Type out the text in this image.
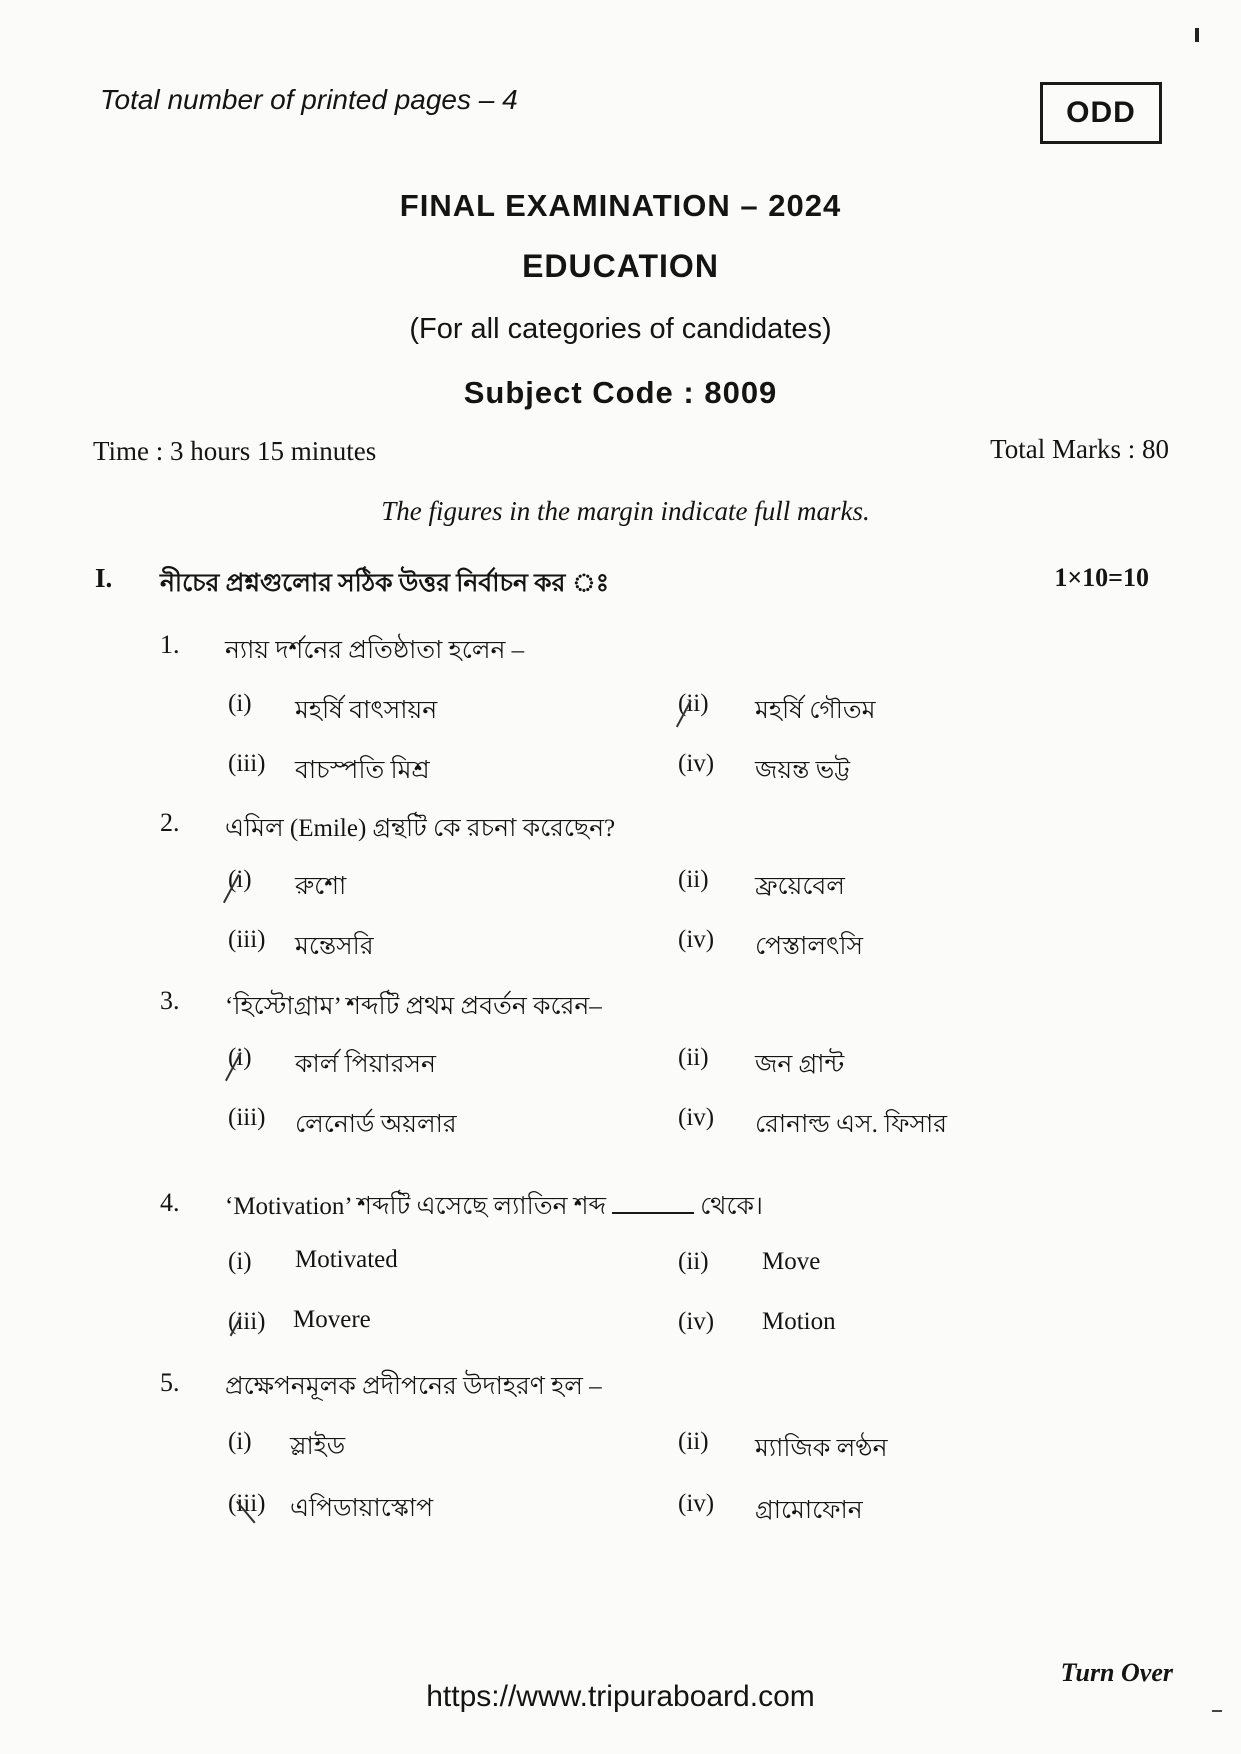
Total number of printed pages – 4	ODD
FINAL EXAMINATION – 2024
EDUCATION
(For all categories of candidates)
Subject Code : 8009
Time : 3 hours 15 minutes	Total Marks : 80
The figures in the margin indicate full marks.
I. নীচের প্রশ্নগুলোর সঠিক উত্তর নির্বাচন কর ঃ	1×10=10
1. ন্যায় দর্শনের প্রতিষ্ঠাতা হলেন –
(i) মহর্ষি বাৎসায়ন	(ii) মহর্ষি গৌতম
(iii) বাচস্পতি মিশ্র	(iv) জয়ন্ত ভট্ট
2. এমিল (Emile) গ্রন্থটি কে রচনা করেছেন?
(i) রুশো	(ii) ফ্রয়েবেল
(iii) মন্তেসরি	(iv) পেস্তালৎসি
3. ‘হিস্টোগ্রাম’ শব্দটি প্রথম প্রবর্তন করেন–
(i) কার্ল পিয়ারসন	(ii) জন গ্রান্ট
(iii) লেনোর্ড অয়লার	(iv) রোনাল্ড এস. ফিসার
4. ‘Motivation’ শব্দটি এসেছে ল্যাতিন শব্দ	থেকে।
(i) Motivated	(ii) Move
(iii) Movere	(iv) Motion
5. প্রক্ষেপনমূলক প্রদীপনের উদাহরণ হল –
(i) স্লাইড	(ii) ম্যাজিক লণ্ঠন
(iii) এপিডায়াস্কোপ	(iv) গ্রামোফোন
Turn Over
https://www.tripuraboard.com
